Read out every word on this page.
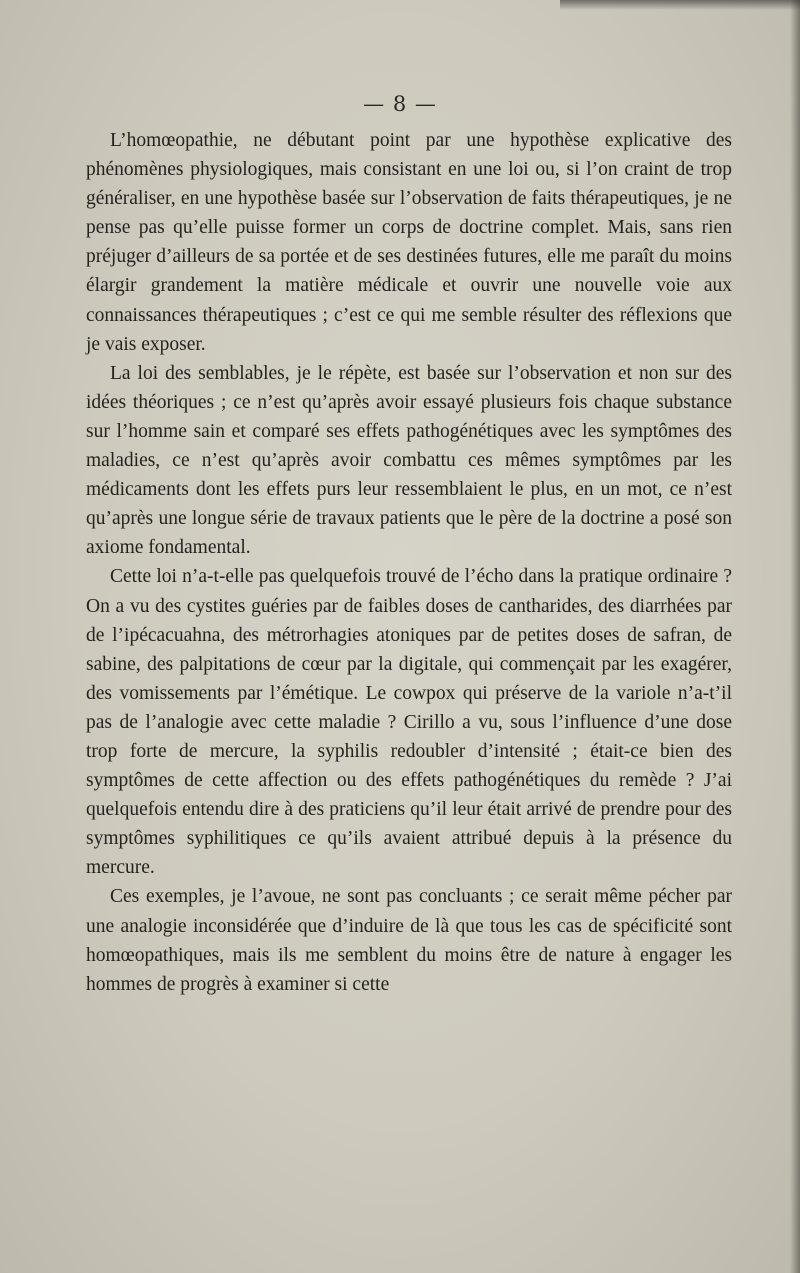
— 8 —

L’homœopathie, ne débutant point par une hypothèse explicative des phénomènes physiologiques, mais consistant en une loi ou, si l’on craint de trop généraliser, en une hypothèse basée sur l’observation de faits thérapeutiques, je ne pense pas qu’elle puisse former un corps de doctrine complet. Mais, sans rien préjuger d’ailleurs de sa portée et de ses destinées futures, elle me paraît du moins élargir grandement la matière médicale et ouvrir une nouvelle voie aux connaissances thérapeutiques ; c’est ce qui me semble résulter des réflexions que je vais exposer.

La loi des semblables, je le répète, est basée sur l’observation et non sur des idées théoriques ; ce n’est qu’après avoir essayé plusieurs fois chaque substance sur l’homme sain et comparé ses effets pathogénétiques avec les symptômes des maladies, ce n’est qu’après avoir combattu ces mêmes symptômes par les médicaments dont les effets purs leur ressemblaient le plus, en un mot, ce n’est qu’après une longue série de travaux patients que le père de la doctrine a posé son axiome fondamental.

Cette loi n’a-t-elle pas quelquefois trouvé de l’écho dans la pratique ordinaire ? On a vu des cystites guéries par de faibles doses de cantharides, des diarrhées par de l’ipécacuahna, des métrorhagies atoniques par de petites doses de safran, de sabine, des palpitations de cœur par la digitale, qui commençait par les exagérer, des vomissements par l’émétique. Le cowpox qui préserve de la variole n’a-t’il pas de l’analogie avec cette maladie ? Cirillo a vu, sous l’influence d’une dose trop forte de mercure, la syphilis redoubler d’intensité ; était-ce bien des symptômes de cette affection ou des effets pathogénétiques du remède ? J’ai quelquefois entendu dire à des praticiens qu’il leur était arrivé de prendre pour des symptômes syphilitiques ce qu’ils avaient attribué depuis à la présence du mercure.

Ces exemples, je l’avoue, ne sont pas concluants ; ce serait même pécher par une analogie inconsidérée que d’induire de là que tous les cas de spécificité sont homœopathiques, mais ils me semblent du moins être de nature à engager les hommes de progrès à examiner si cette
